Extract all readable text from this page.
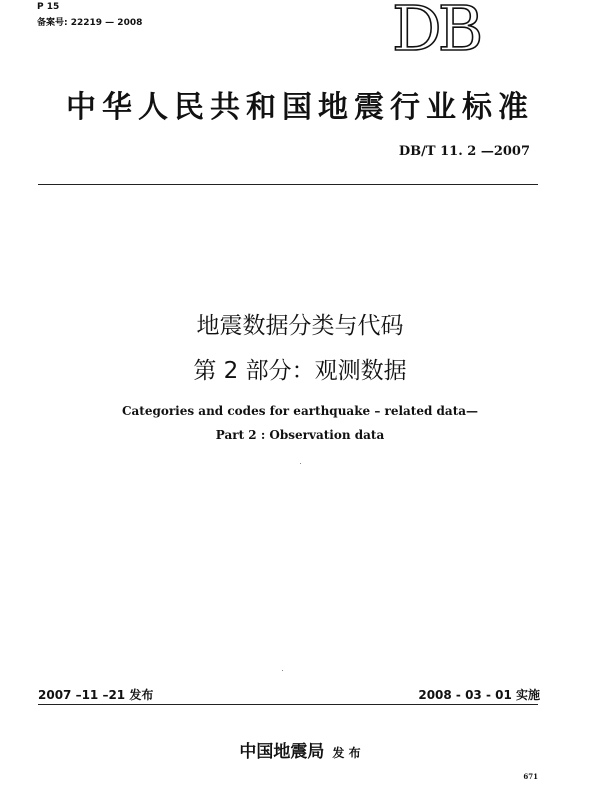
P 15
备案号: 22219 — 2008	DB
中华人民共和国地震行业标准
DB/T 11. 2 —2007
地震数据分类与代码
第 2 部分：观测数据
Categories and codes for earthquake – related data—
Part 2 : Observation data
2007 –11 –21 发布	2008 - 03 - 01 实施
中国地震局 发 布
671
